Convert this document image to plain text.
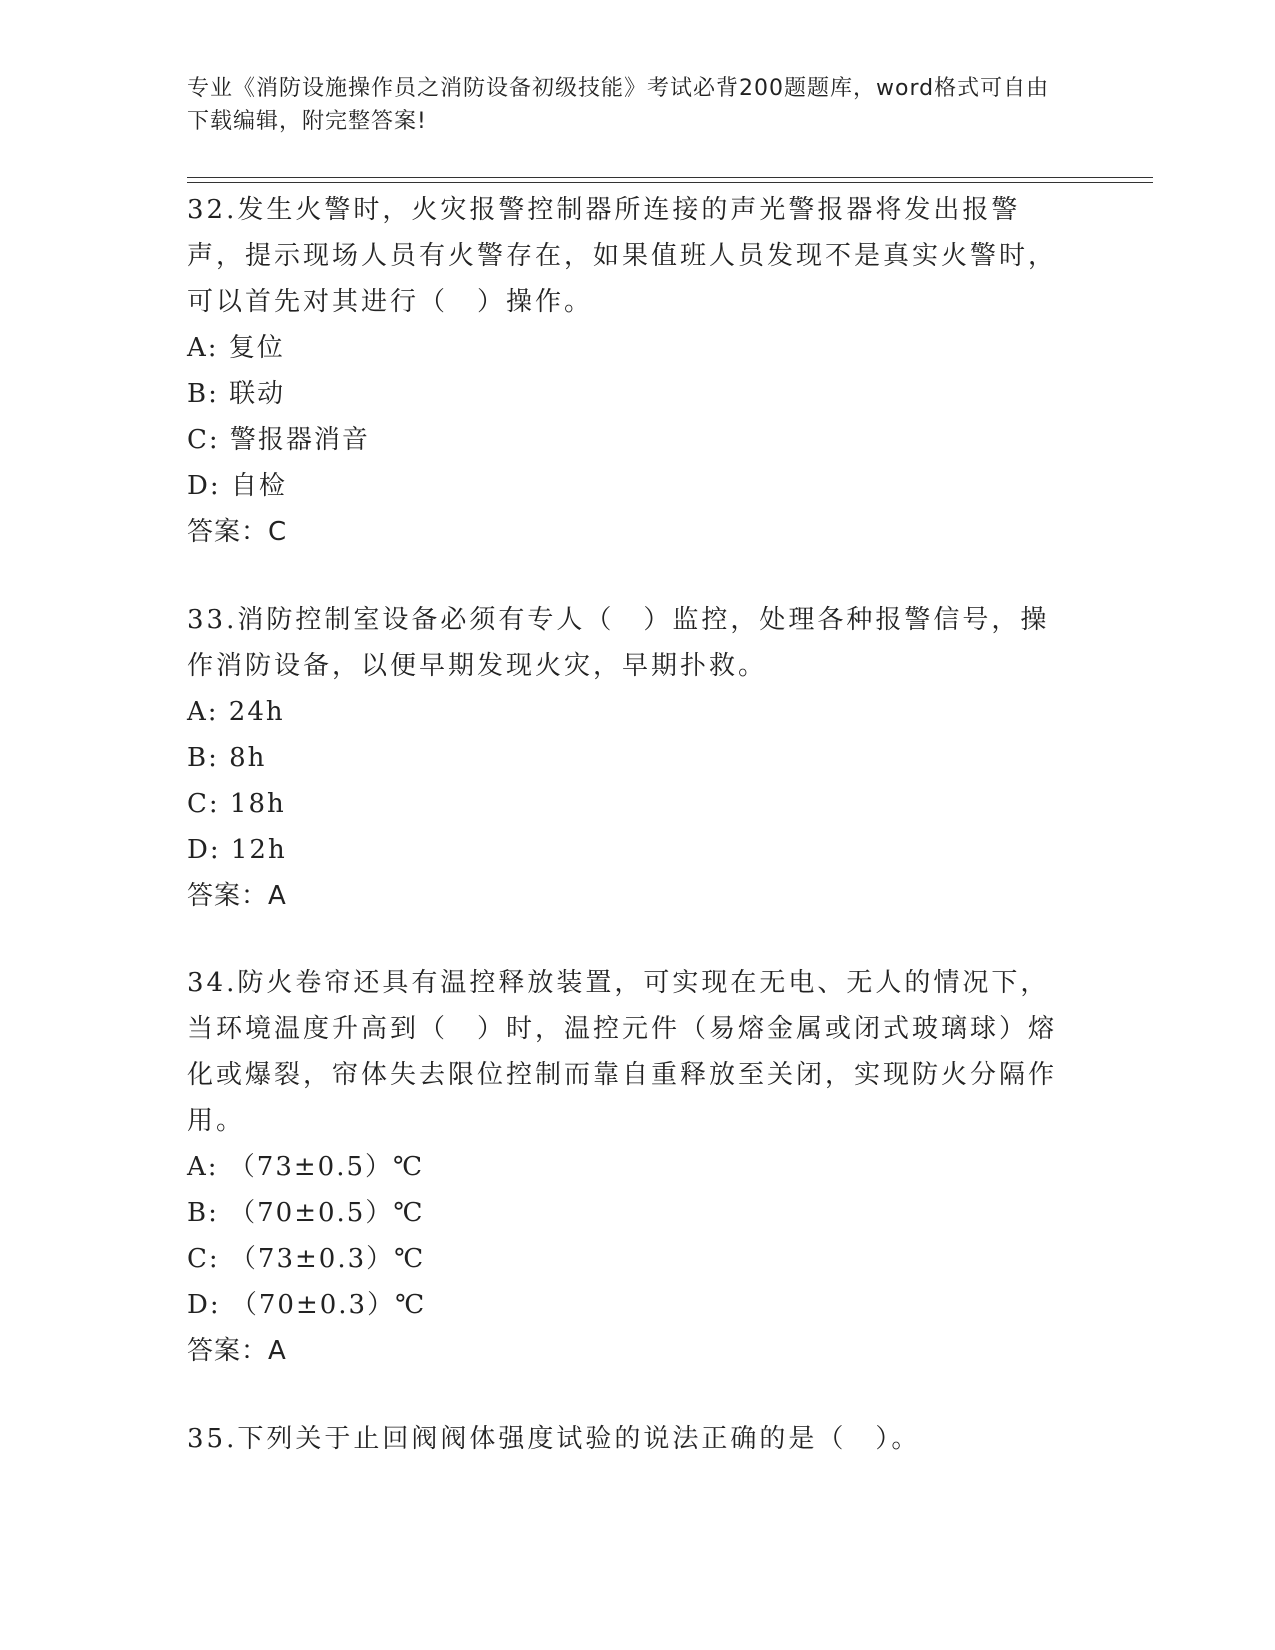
专业《消防设施操作员之消防设备初级技能》考试必背200题题库，word格式可自由下载编辑，附完整答案!

32.发生火警时，火灾报警控制器所连接的声光警报器将发出报警声，提示现场人员有火警存在，如果值班人员发现不是真实火警时，可以首先对其进行（　）操作。

A: 复位

B: 联动

C: 警报器消音

D: 自检

答案：C

33.消防控制室设备必须有专人（　）监控，处理各种报警信号，操作消防设备，以便早期发现火灾，早期扑救。

A: 24h

B: 8h

C: 18h

D: 12h

答案：A

34.防火卷帘还具有温控释放装置，可实现在无电、无人的情况下，当环境温度升高到（　）时，温控元件（易熔金属或闭式玻璃球）熔化或爆裂，帘体失去限位控制而靠自重释放至关闭，实现防火分隔作用。

A: （73±0.5）℃

B: （70±0.5）℃

C: （73±0.3）℃

D: （70±0.3）℃

答案：A

35.下列关于止回阀阀体强度试验的说法正确的是（　）。
